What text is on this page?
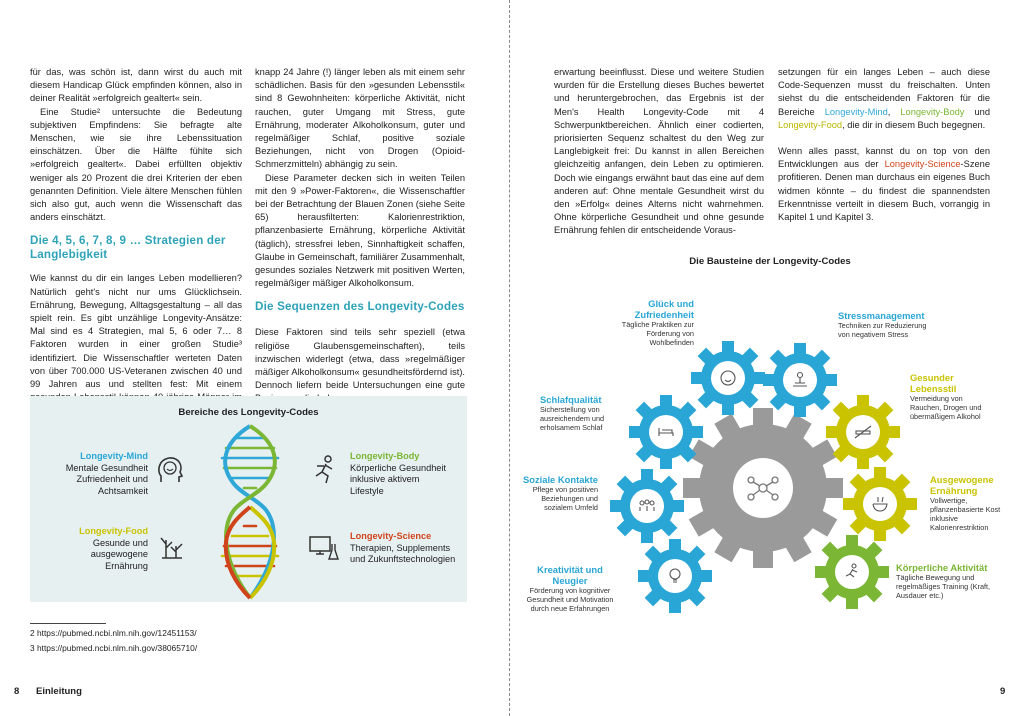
für das, was schön ist, dann wirst du auch mit diesem Handicap Glück empfinden können, also in deiner Realität »erfolgreich gealtert« sein.

Eine Studie² untersuchte die Bedeutung subjektiven Empfindens: Sie befragte alte Menschen, wie sie ihre Lebenssituation einschätzen. Über die Hälfte fühlte sich »erfolgreich gealtert«. Dabei erfüllten objektiv weniger als 20 Prozent die drei Kriterien der eben genannten Definition. Viele ältere Menschen fühlen sich also gut, auch wenn die Wissenschaft das anders einschätzt.

Die 4, 5, 6, 7, 8, 9 … Strategien der Langlebigkeit

Wie kannst du dir ein langes Leben modellieren? Natürlich geht's nicht nur ums Glücklichsein. Ernährung, Bewegung, Alltagsgestaltung – all das spielt rein. Es gibt unzählige Longevity-Ansätze: Mal sind es 4 Strategien, mal 5, 6 oder 7… 8 Faktoren wurden in einer großen Studie³ identifiziert. Die Wissenschaftler werteten Daten von über 700.000 US-Veteranen zwischen 40 und 99 Jahren aus und stellten fest: Mit einem

knapp 24 Jahre (!) länger leben als mit einem sehr schädlichen. Basis für den »gesunden Lebensstil« sind 8 Gewohnheiten: körperliche Aktivität, nicht rauchen, guter Umgang mit Stress, gute Ernährung, moderater Alkoholkonsum, guter und regelmäßiger Schlaf, positive soziale Beziehungen, nicht von Drogen (Opioid-Schmerzmitteln) abhängig zu sein.

Diese Parameter decken sich in weiten Teilen mit den 9 »Power-Faktoren«, die Wissenschaftler bei der Betrachtung der Blauen Zonen (siehe Seite 65) herausfilterten: Kalorienrestriktion, pflanzenbasierte Ernährung, körperliche Aktivität (täglich), stressfrei leben, Sinnhaftigkeit schaffen, Glaube in Gemeinschaft, familiärer Zusammenhalt, gesundes soziales Netzwerk mit positiven Werten, regelmäßiger mäßiger Alkoholkonsum.

Die Sequenzen des Longevity-Codes

Diese Faktoren sind teils sehr speziell (etwa religiöse Glaubensgemeinschaften), teils inzwischen widerlegt (etwa, dass »regelmäßiger mäßiger Alkoholkonsum« gesundheitsfördernd ist). Dennoch liefern beide Untersuchungen eine gute

Bereiche des Longevity-Codes
Longevity-Mind
Mentale Gesundheit Zufriedenheit und Achtsamkeit
Longevity-Food
Gesunde und ausgewogene Ernährung
Longevity-Body
Körperliche Gesundheit inklusive aktivem Lifestyle
Longevity-Science
Therapien, Supplements und Zukunftstechnologien
2 https://pubmed.ncbi.nlm.nih.gov/12451153/
3 https://pubmed.ncbi.nlm.nih.gov/38065710/
8 Einleitung

erwartung beeinflusst. Diese und weitere Studien wurden für die Erstellung dieses Buches bewertet und heruntergebrochen, das Ergebnis ist der Men's Health Longevity-Code mit 4 Schwerpunktbereichen. Ähnlich einer codierten, priorisierten Sequenz schaltest du den Weg zur Langlebigkeit frei: Du kannst in allen Bereichen gleichzeitig anfangen, dein Leben zu optimieren. Doch wie eingangs erwähnt baut das eine auf dem anderen auf: Ohne mentale Gesundheit wirst du den »Erfolg« deines Alterns nicht wahrnehmen. Ohne körperliche Gesundheit und ohne gesunde Ernährung fehlen dir entscheidende Voraus-

setzungen für ein langes Leben – auch diese Code-Sequenzen musst du freischalten. Unten siehst du die entscheidenden Faktoren für die Bereiche Longevity-Mind, Longevity-Body und Longevity-Food, die dir in diesem Buch begegnen.

Wenn alles passt, kannst du on top von den Entwicklungen aus der Longevity-Science-Szene profitieren. Denen man durchaus ein eigenes Buch widmen könnte – du findest die spannendsten Erkenntnisse verteilt in diesem Buch, vorrangig in Kapitel 1 und Kapitel 3.

Die Bausteine der Longevity-Codes
Glück und Zufriedenheit
Tägliche Praktiken zur Förderung von Wohlbefinden
Stressmanagement
Techniken zur Reduzierung von negativem Stress
Gesunder Lebensstil
Vermeidung von Rauchen, Drogen und übermäßigem Alkohol
Ausgewogene Ernährung
Vollwertige, pflanzenbasierte Kost inklusive Kalorienrestriktion
Körperliche Aktivität
Tägliche Bewegung und regelmäßiges Training (Kraft, Ausdauer etc.)
Kreativität und Neugier
Förderung von kognitiver Gesundheit und Motivation durch neue Erfahrungen
Soziale Kontakte
Pflege von positiven Beziehungen und sozialem Umfeld
Schlafqualität
Sicherstellung von ausreichendem und erholsamem Schlaf
9
